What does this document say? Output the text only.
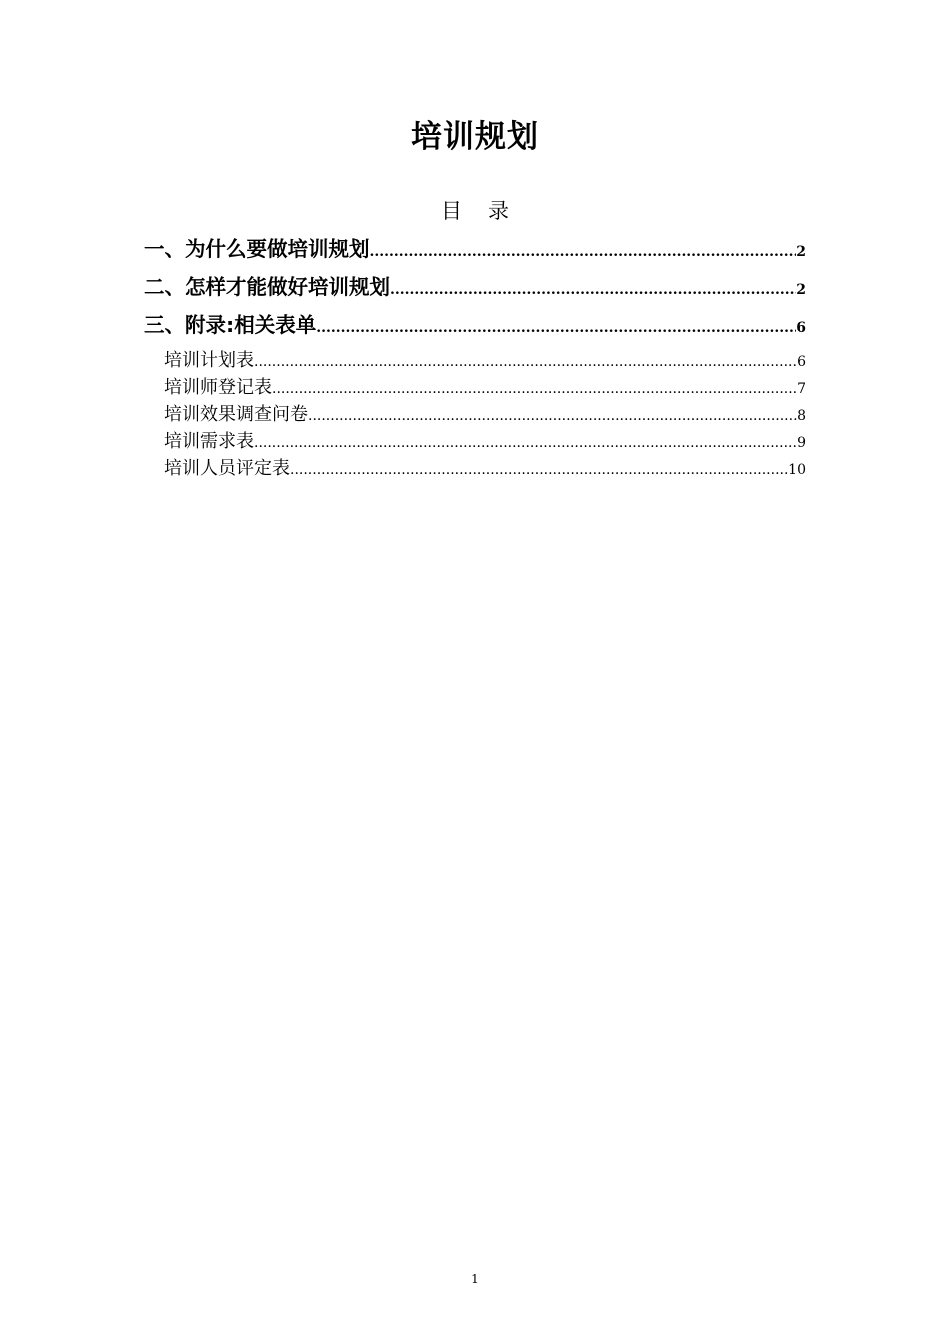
培训规划
目 录
一、为什么要做培训规划 .....	2
二、怎样才能做好培训规划 .....	2
三、附录:相关表单 .....	6
培训计划表 .....	6
培训师登记表 .....	7
培训效果调查问卷 .....	8
培训需求表 .....	9
培训人员评定表 .....	10
1
